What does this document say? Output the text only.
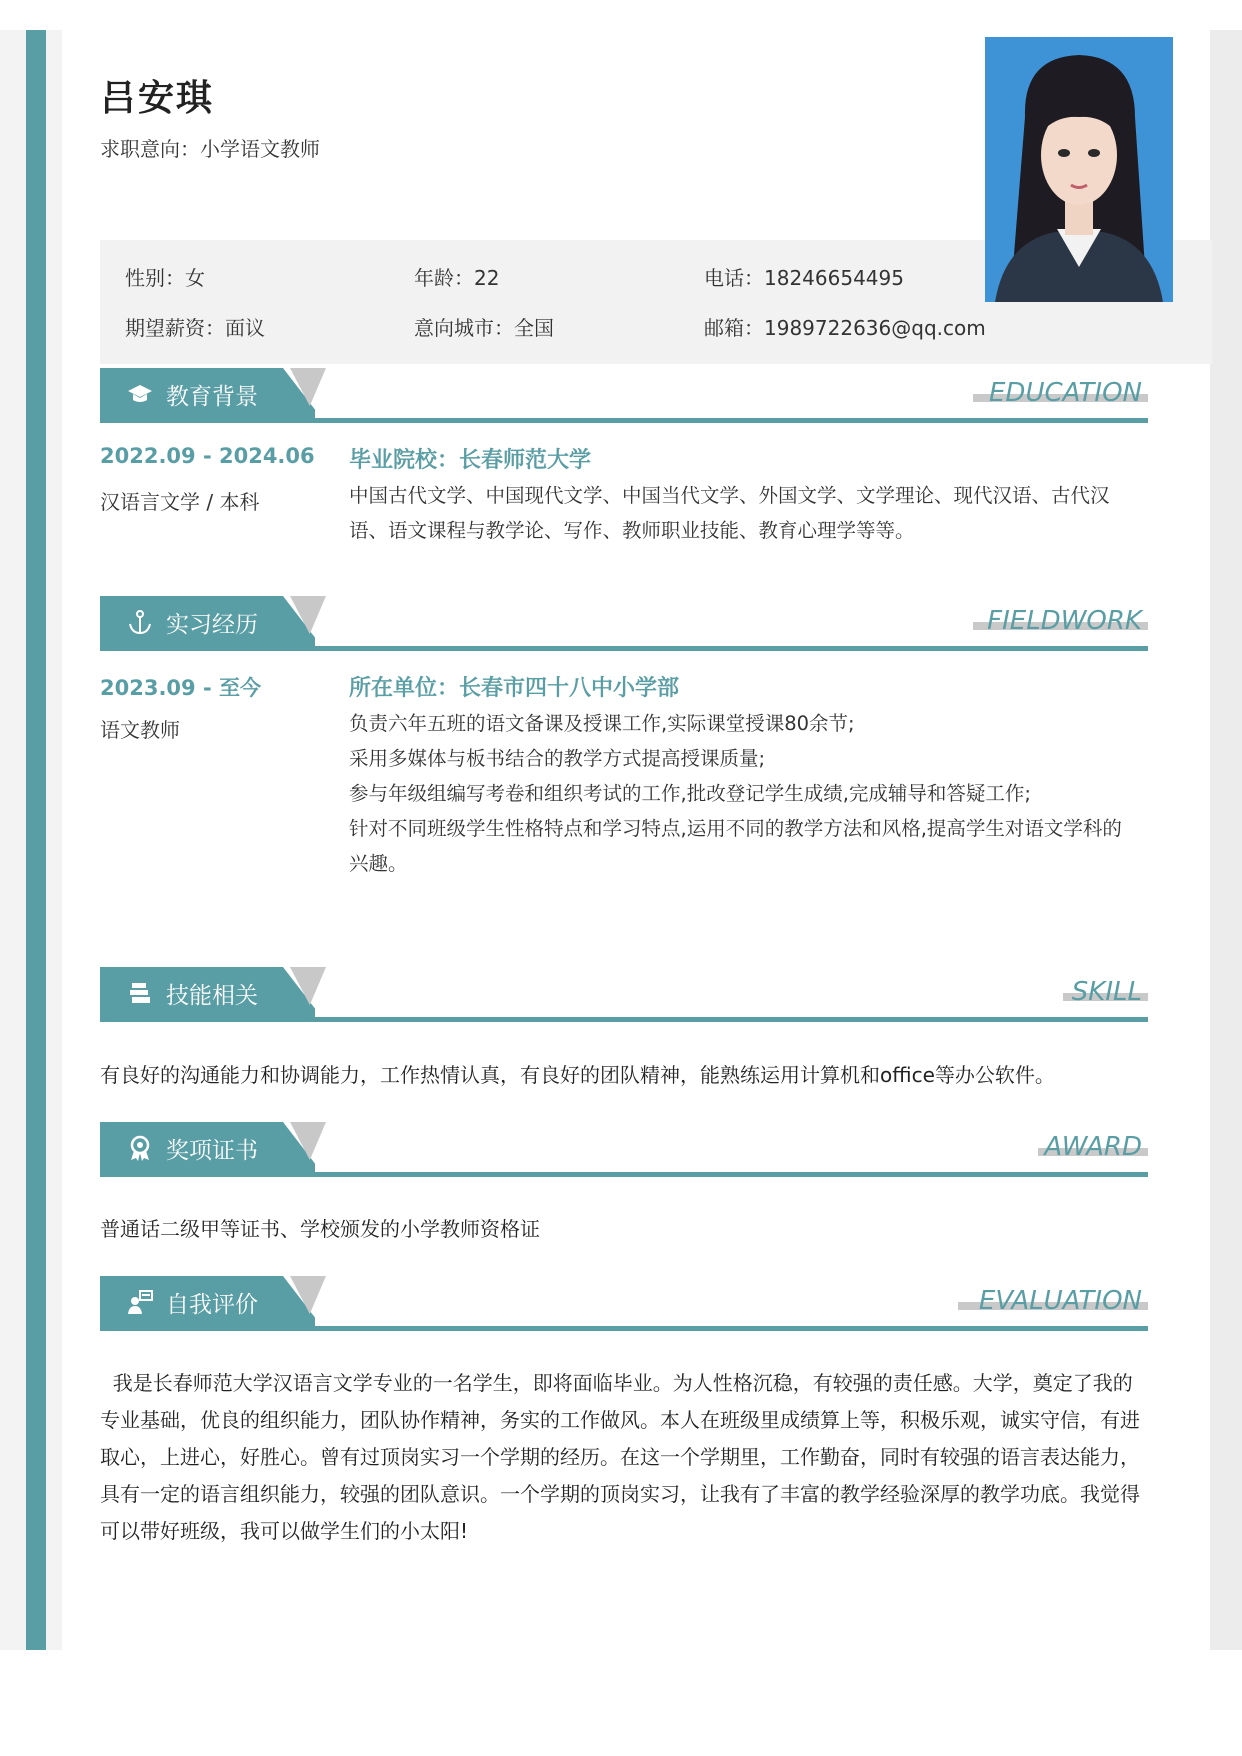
吕安琪
求职意向：小学语文教师
性别：女	年龄：22	电话：18246654495
期望薪资：面议	意向城市：全国	邮箱：1989722636@qq.com
教育背景	EDUCATION
2022.09 - 2024.06
汉语言文学 / 本科
毕业院校：长春师范大学
中国古代文学、中国现代文学、中国当代文学、外国文学、文学理论、现代汉语、古代汉
语、语文课程与教学论、写作、教师职业技能、教育心理学等等。
实习经历	FIELDWORK
2023.09 - 至今
语文教师
所在单位：长春市四十八中小学部
负责六年五班的语文备课及授课工作,实际课堂授课80余节;
采用多媒体与板书结合的教学方式提高授课质量;
参与年级组编写考卷和组织考试的工作,批改登记学生成绩,完成辅导和答疑工作;
针对不同班级学生性格特点和学习特点,运用不同的教学方法和风格,提高学生对语文学科的
兴趣。
技能相关	SKILL
有良好的沟通能力和协调能力，工作热情认真，有良好的团队精神，能熟练运用计算机和office等办公软件。
奖项证书	AWARD
普通话二级甲等证书、学校颁发的小学教师资格证
自我评价	EVALUATION
我是长春师范大学汉语言文学专业的一名学生，即将面临毕业。为人性格沉稳，有较强的责任感。大学，奠定了我的
专业基础，优良的组织能力，团队协作精神，务实的工作做风。本人在班级里成绩算上等，积极乐观，诚实守信，有进
取心，上进心，好胜心。曾有过顶岗实习一个学期的经历。在这一个学期里，工作勤奋，同时有较强的语言表达能力，
具有一定的语言组织能力，较强的团队意识。一个学期的顶岗实习，让我有了丰富的教学经验深厚的教学功底。我觉得
可以带好班级，我可以做学生们的小太阳!
